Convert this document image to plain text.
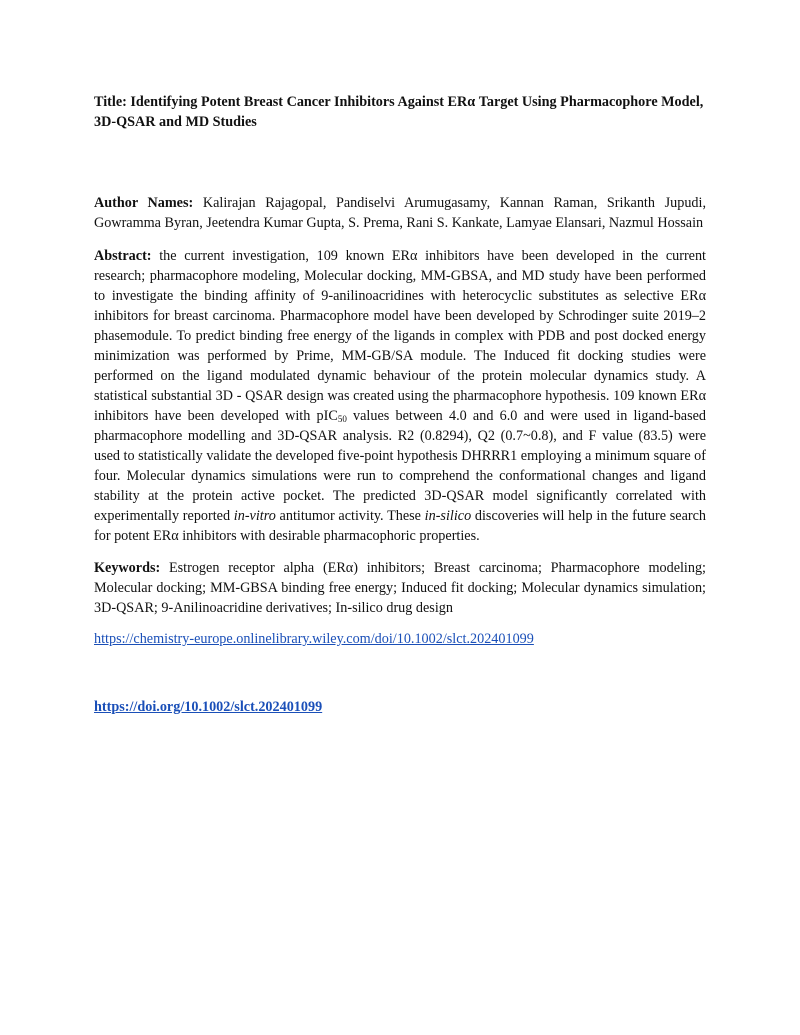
Title: Identifying Potent Breast Cancer Inhibitors Against ERα Target Using Pharmacophore Model, 3D-QSAR and MD Studies

Author Names: Kalirajan Rajagopal, Pandiselvi Arumugasamy, Kannan Raman, Srikanth Jupudi, Gowramma Byran, Jeetendra Kumar Gupta, S. Prema, Rani S. Kankate, Lamyae Elansari, Nazmul Hossain

Abstract: the current investigation, 109 known ERα inhibitors have been developed in the current research; pharmacophore modeling, Molecular docking, MM-GBSA, and MD study have been performed to investigate the binding affinity of 9-anilinoacridines with heterocyclic substitutes as selective ERα inhibitors for breast carcinoma. Pharmacophore model have been developed by Schrodinger suite 2019–2 phasemodule. To predict binding free energy of the ligands in complex with PDB and post docked energy minimization was performed by Prime, MM-GB/SA module. The Induced fit docking studies were performed on the ligand modulated dynamic behaviour of the protein molecular dynamics study. A statistical substantial 3D - QSAR design was created using the pharmacophore hypothesis. 109 known ERα inhibitors have been developed with pIC$_{50}$ values between 4.0 and 6.0 and were used in ligand-based pharmacophore modelling and 3D-QSAR analysis. R2 (0.8294), Q2 (0.7~0.8), and F value (83.5) were used to statistically validate the developed five-point hypothesis DHRRR1 employing a minimum square of four. Molecular dynamics simulations were run to comprehend the conformational changes and ligand stability at the protein active pocket. The predicted 3D-QSAR model significantly correlated with experimentally reported in-vitro antitumor activity. These in-silico discoveries will help in the future search for potent ERα inhibitors with desirable pharmacophoric properties.

Keywords: Estrogen receptor alpha (ERα) inhibitors; Breast carcinoma; Pharmacophore modeling; Molecular docking; MM-GBSA binding free energy; Induced fit docking; Molecular dynamics simulation; 3D-QSAR; 9-Anilinoacridine derivatives; In-silico drug design

https://chemistry-europe.onlinelibrary.wiley.com/doi/10.1002/slct.202401099

https://doi.org/10.1002/slct.202401099
